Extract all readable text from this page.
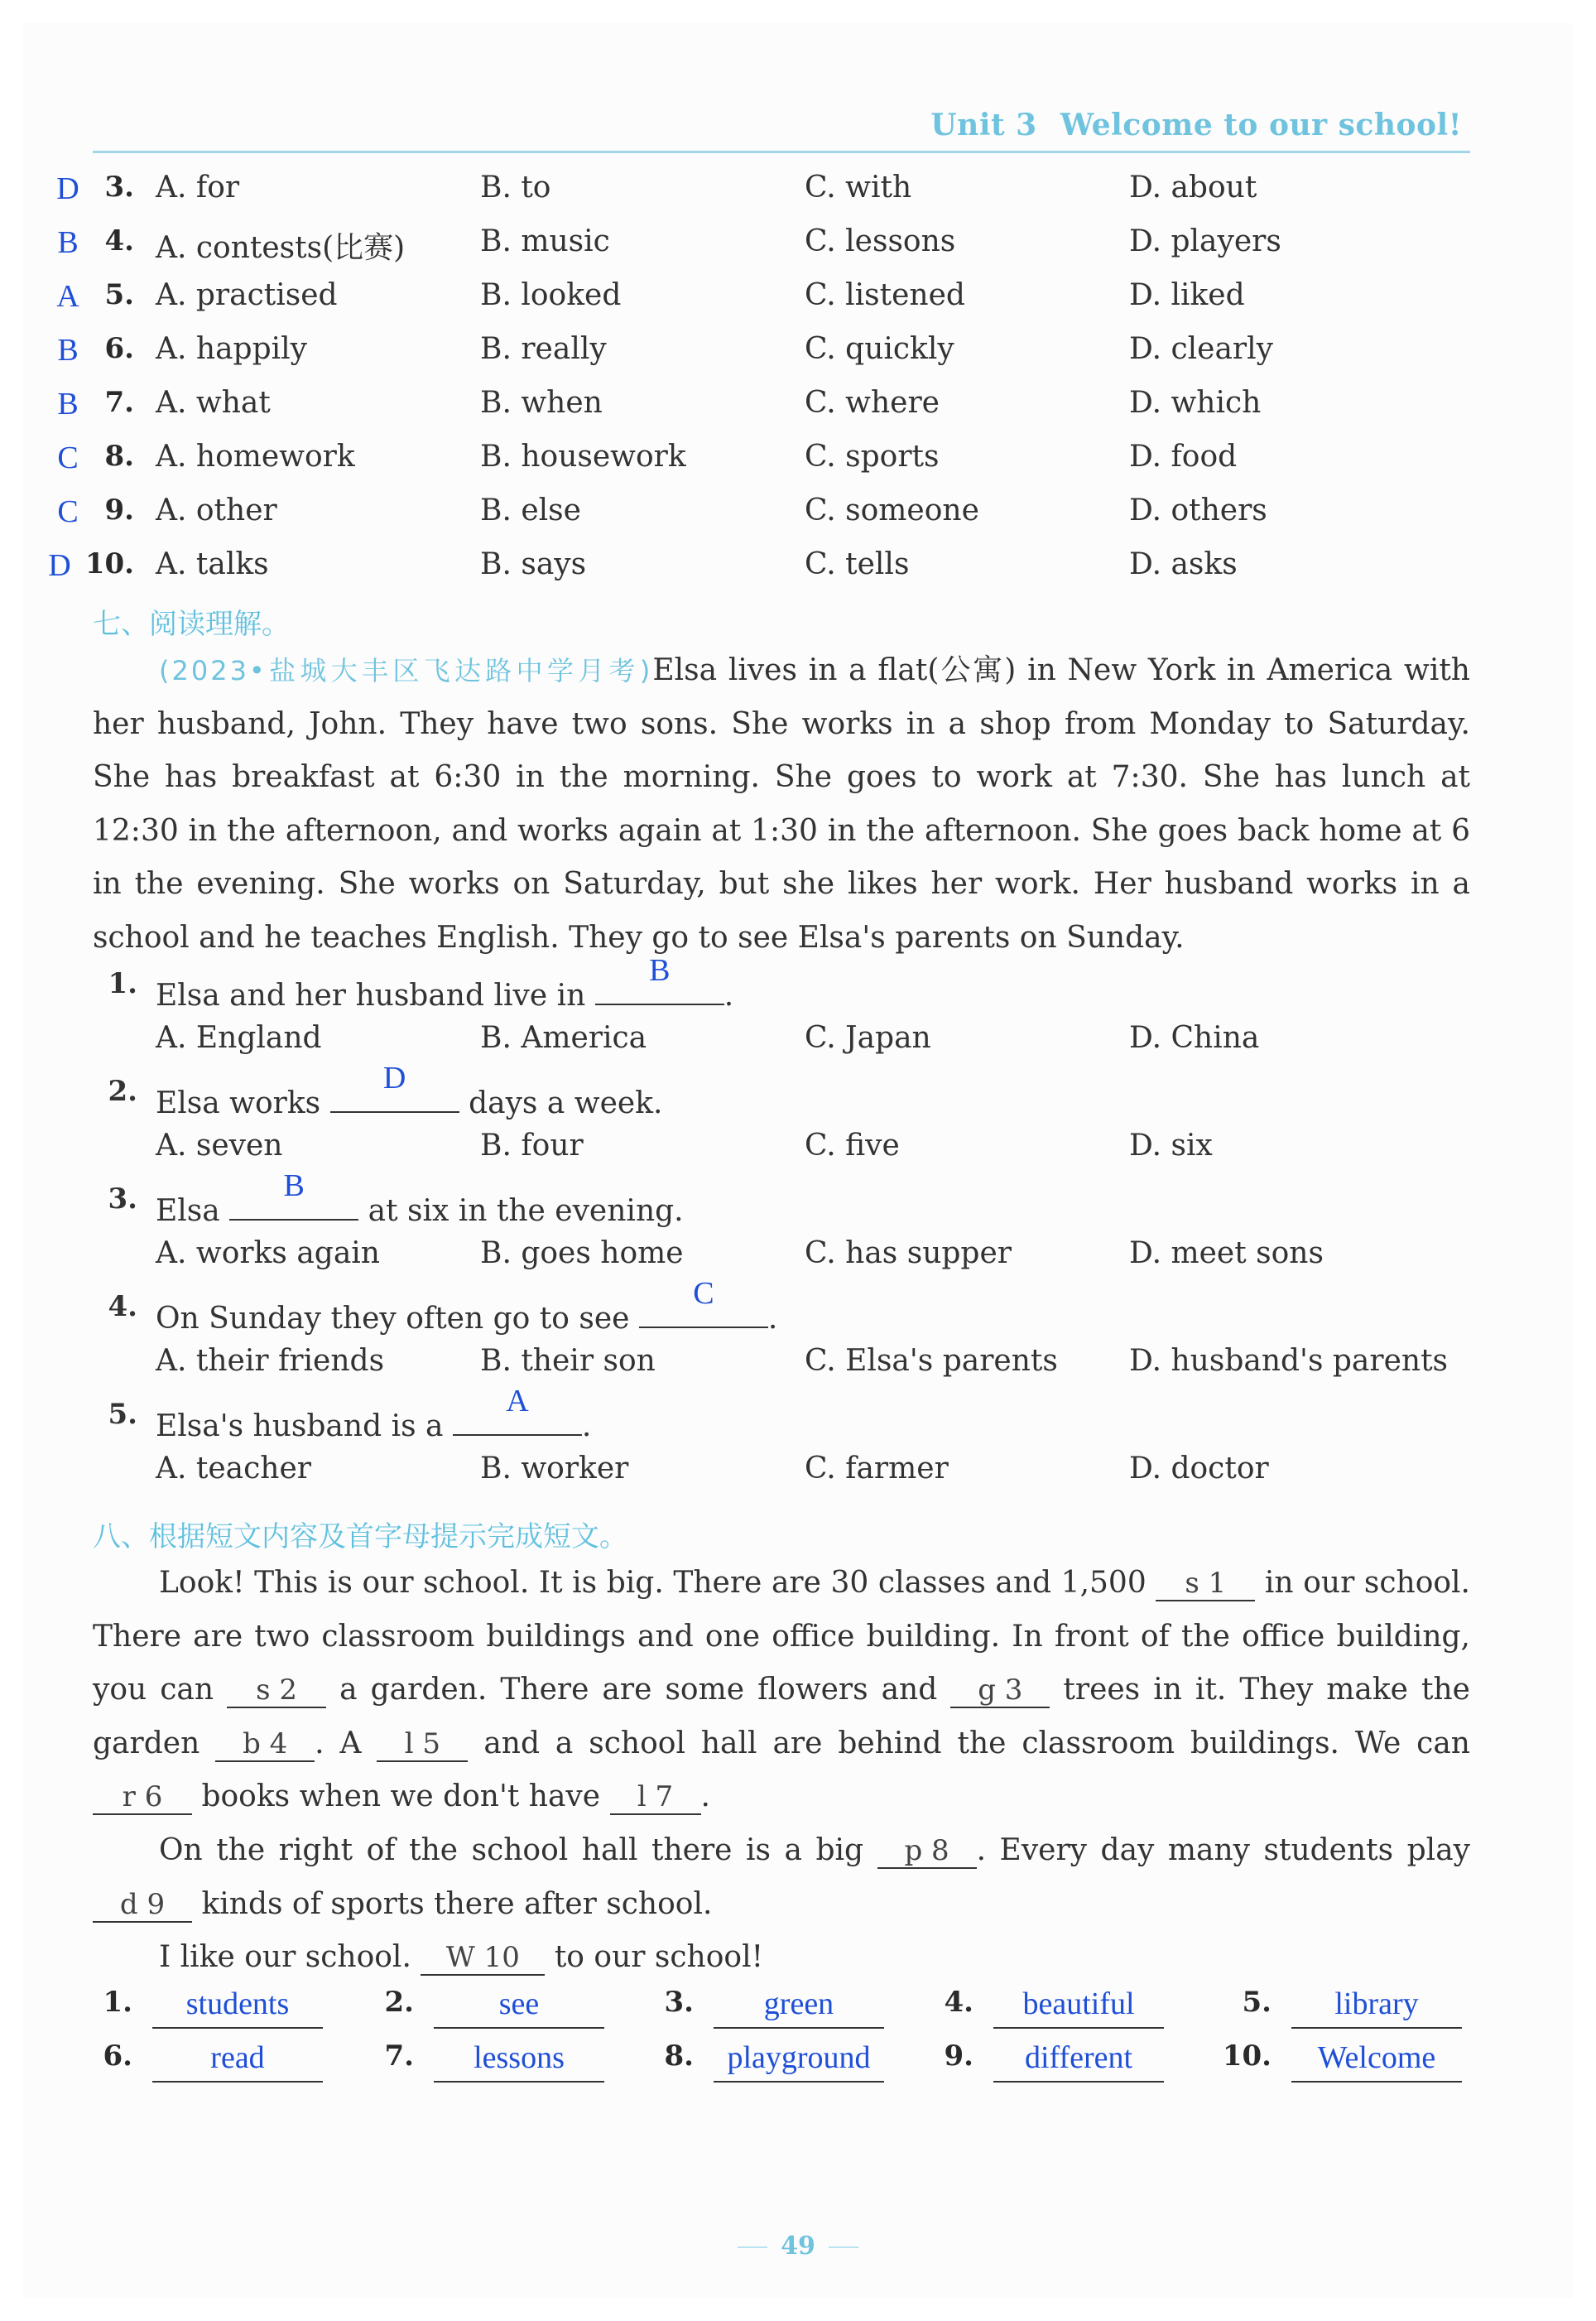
Unit 3 Welcome to our school!
D 3. A. for	B. to	C. with	D. about
B 4. A. contests(比赛)	B. music	C. lessons	D. players
A 5. A. practised	B. looked	C. listened	D. liked
B 6. A. happily	B. really	C. quickly	D. clearly
B 7. A. what	B. when	C. where	D. which
C 8. A. homework	B. housework	C. sports	D. food
C 9. A. other	B. else	C. someone	D. others
D 10. A. talks	B. says	C. tells	D. asks
七、阅读理解。
(2023•盐城大丰区飞达路中学月考)Elsa lives in a flat(公寓) in New York in America with her husband, John. They have two sons. She works in a shop from Monday to Saturday. She has breakfast at 6:30 in the morning. She goes to work at 7:30. She has lunch at 12:30 in the afternoon, and works again at 1:30 in the afternoon. She goes back home at 6 in the evening. She works on Saturday, but she likes her work. Her husband works in a school and he teaches English. They go to see Elsa's parents on Sunday.
1. Elsa and her husband live in
B
.
A. England	B. America	C. Japan	D. China
2. Elsa works
D
days a week.
A. seven	B. four	C. five	D. six
3. Elsa
B
at six in the evening.
A. works again	B. goes home	C. has supper	D. meet sons
4. On Sunday they often go to see
C
.
A. their friends	B. their son	C. Elsa's parents D. husband's parents
5. Elsa's husband is a
A
.
A. teacher	B. worker	C. farmer	D. doctor
八、根据短文内容及首字母提示完成短文。
Look! This is our school. It is big. There are 30 classes and 1,500 s 1 in our school. There are two classroom buildings and one office building. In front of the office building, you can s 2 a garden. There are some flowers and g 3 trees in it. They make the garden b 4 . A l 5 and a school hall are behind the classroom buildings. We can r 6 books when we don't have l 7 .
On the right of the school hall there is a big p 8 . Every day many students play d 9 kinds of sports there after school.
I like our school. W 10 to our school!
1.	students	2.	see	3.	green	4.	beautiful	5.	library
6.	read	7.	lessons	8.	playground	9.	different	10.	Welcome
49
